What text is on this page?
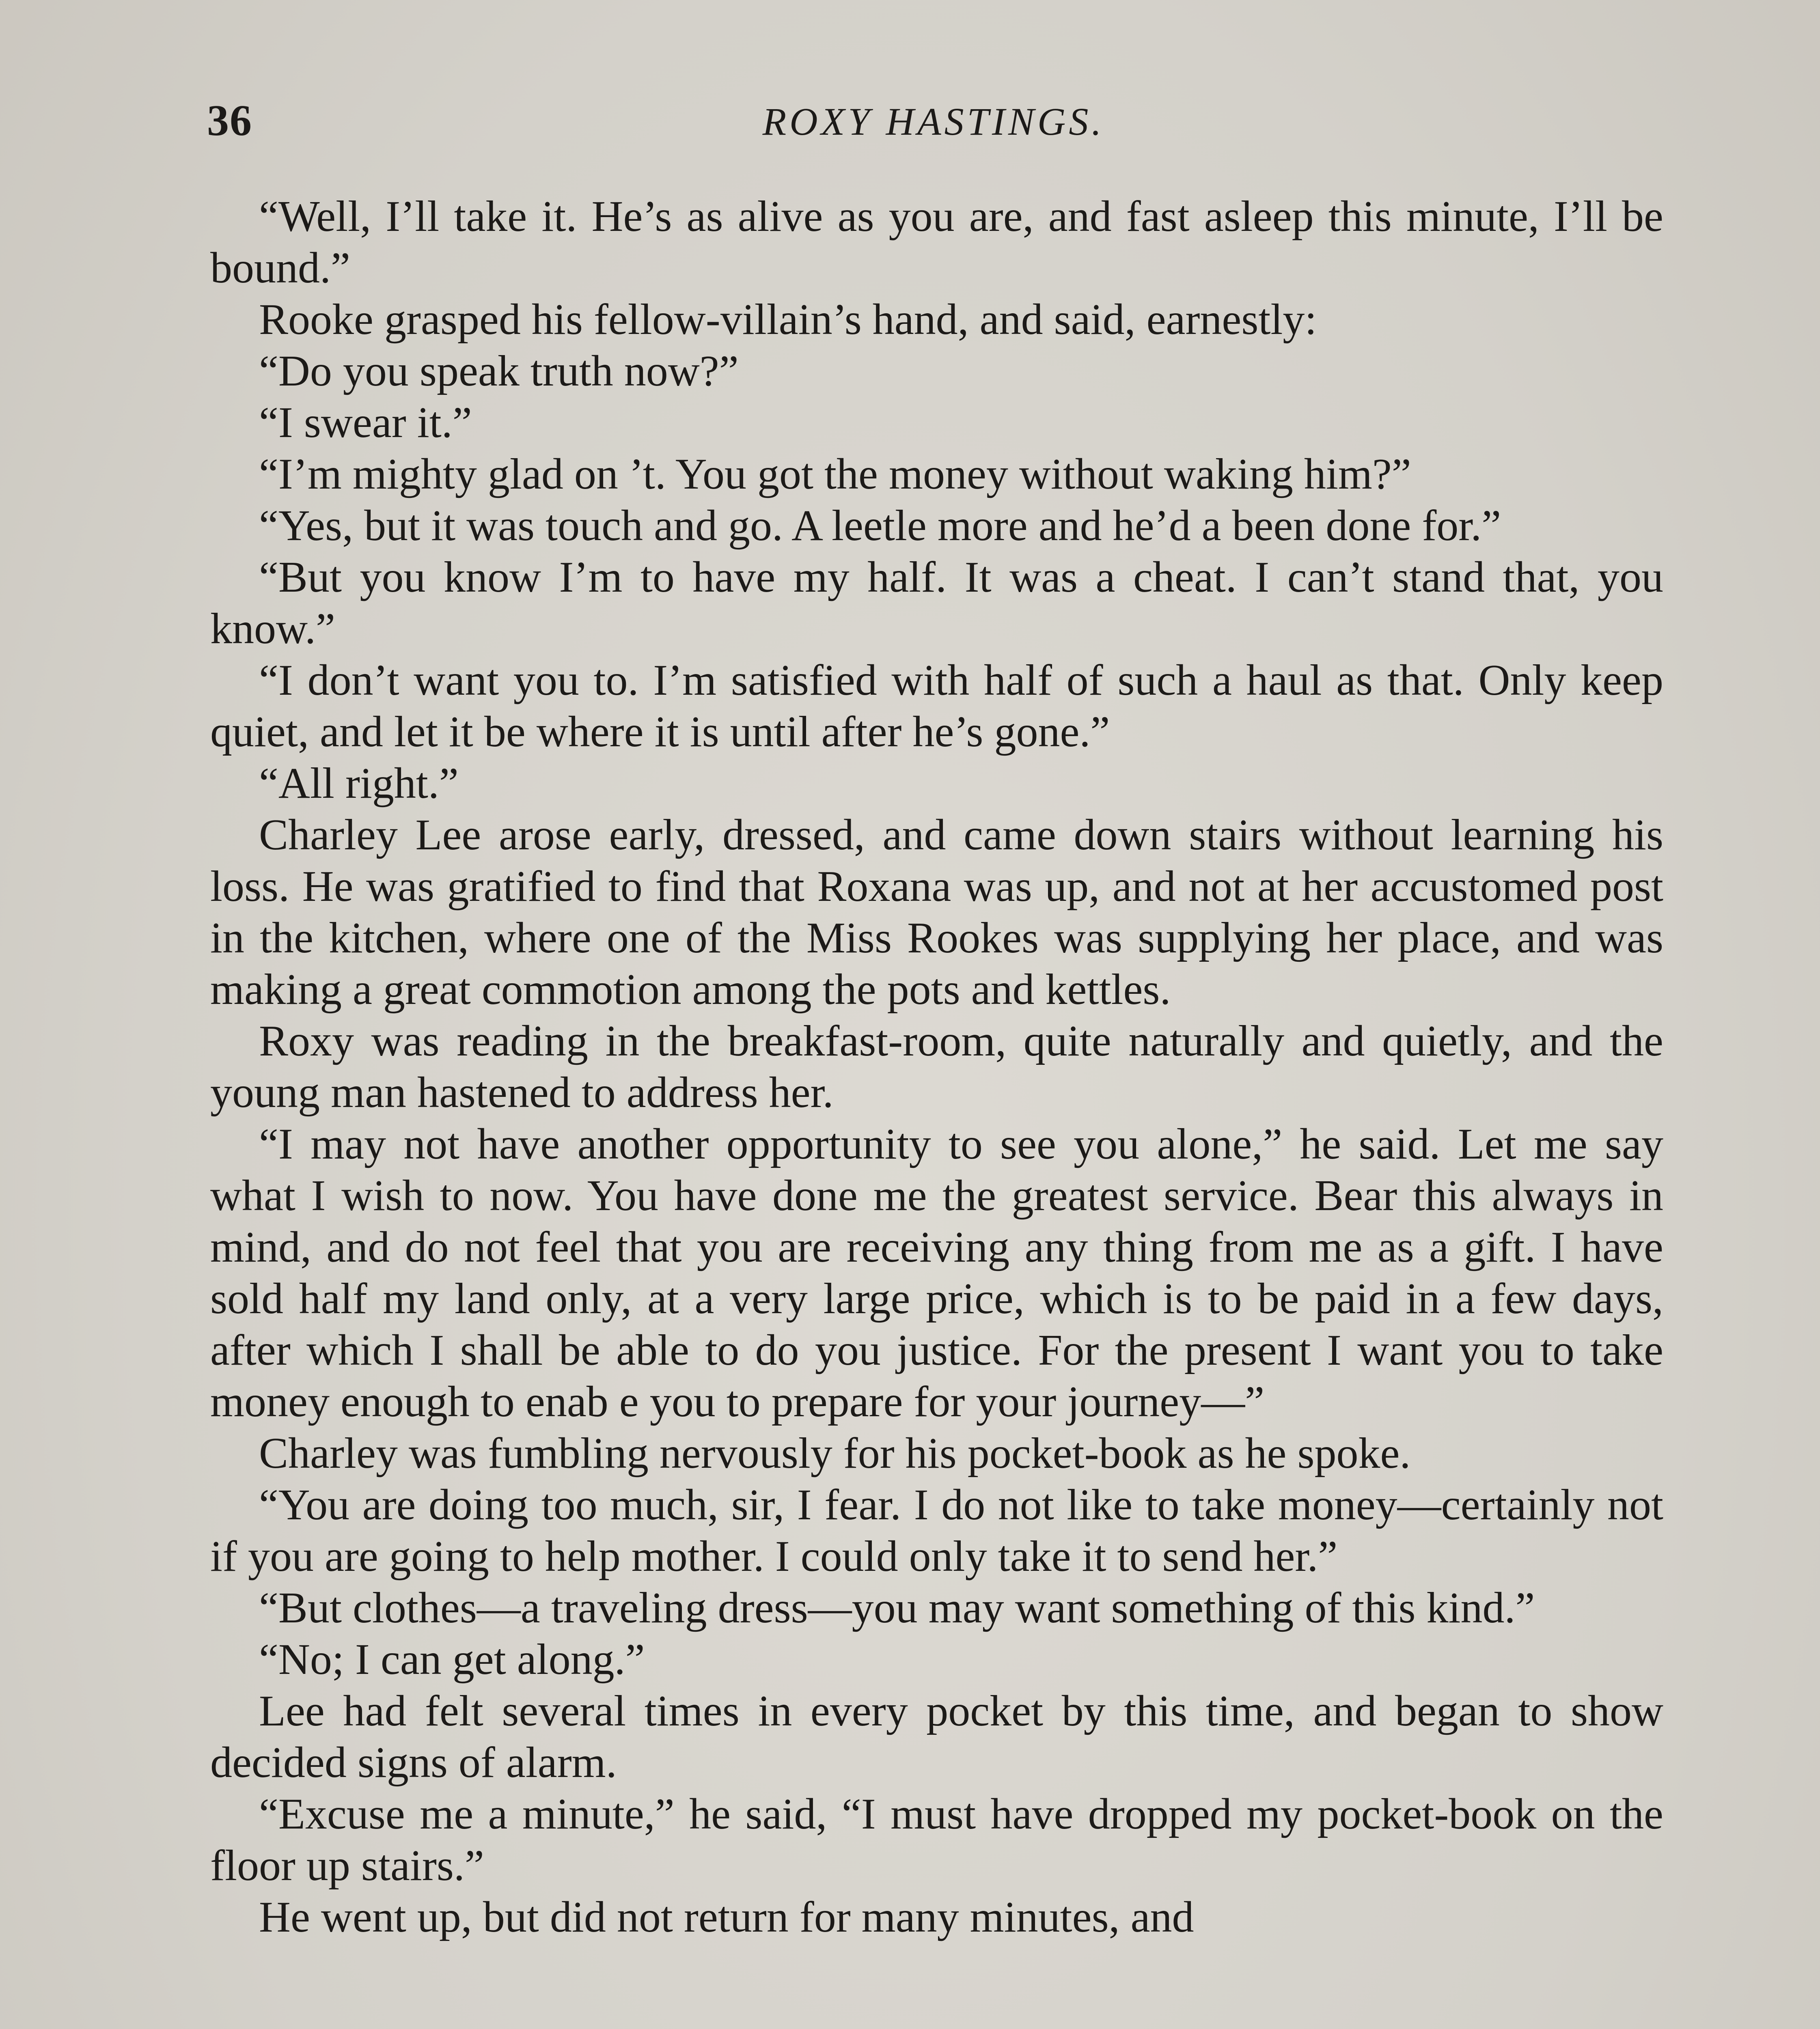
36	ROXY HASTINGS.

“Well, I’ll take it. He’s as alive as you are, and fast asleep this minute, I’ll be bound.”

Rooke grasped his fellow-villain’s hand, and said, earnestly:

“Do you speak truth now?”

“I swear it.”

“I’m mighty glad on ’t. You got the money without waking him?”

“Yes, but it was touch and go. A leetle more and he’d a been done for.”

“But you know I’m to have my half. It was a cheat. I can’t stand that, you know.”

“I don’t want you to. I’m satisfied with half of such a haul as that. Only keep quiet, and let it be where it is until after he’s gone.”

“All right.”

Charley Lee arose early, dressed, and came down stairs without learning his loss. He was gratified to find that Roxana was up, and not at her accustomed post in the kitchen, where one of the Miss Rookes was supplying her place, and was making a great commotion among the pots and kettles.

Roxy was reading in the breakfast-room, quite naturally and quietly, and the young man hastened to address her.

“I may not have another opportunity to see you alone,” he said. Let me say what I wish to now. You have done me the greatest service. Bear this always in mind, and do not feel that you are receiving any thing from me as a gift. I have sold half my land only, at a very large price, which is to be paid in a few days, after which I shall be able to do you justice. For the present I want you to take money enough to enab e you to prepare for your journey—”

Charley was fumbling nervously for his pocket-book as he spoke.

“You are doing too much, sir, I fear. I do not like to take money—certainly not if you are going to help mother. I could only take it to send her.”

“But clothes—a traveling dress—you may want something of this kind.”

“No; I can get along.”

Lee had felt several times in every pocket by this time, and began to show decided signs of alarm.

“Excuse me a minute,” he said, “I must have dropped my pocket-book on the floor up stairs.”

He went up, but did not return for many minutes, and
